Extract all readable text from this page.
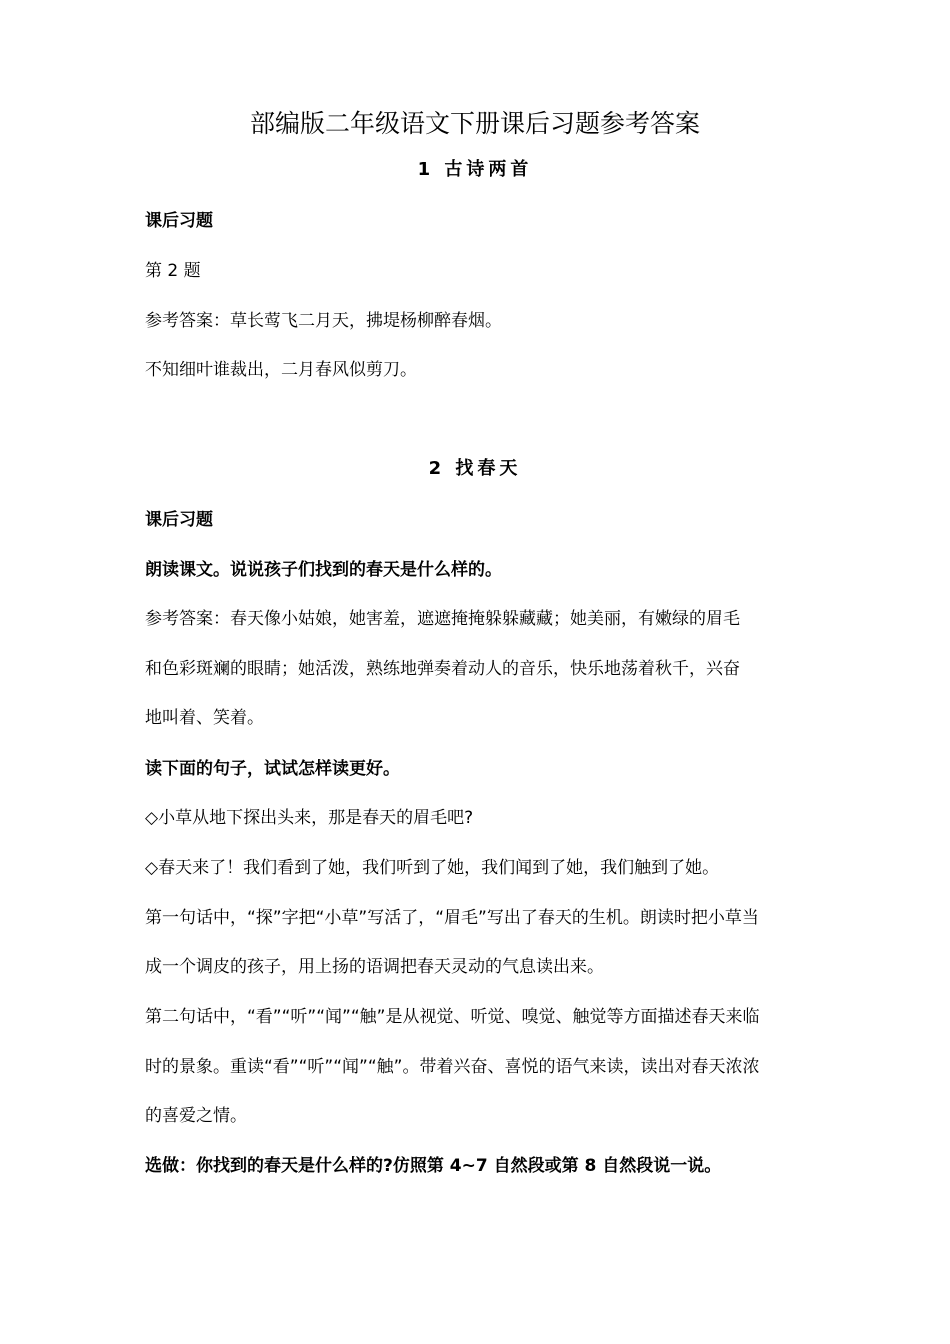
部编版二年级语文下册课后习题参考答案
1 古诗两首
课后习题
第 2 题
参考答案：草长莺飞二月天，拂堤杨柳醉春烟。
不知细叶谁裁出，二月春风似剪刀。
2 找春天
课后习题
朗读课文。说说孩子们找到的春天是什么样的。
参考答案：春天像小姑娘，她害羞，遮遮掩掩躲躲藏藏；她美丽，有嫩绿的眉毛
和色彩斑斓的眼睛；她活泼，熟练地弹奏着动人的音乐，快乐地荡着秋千，兴奋
地叫着、笑着。
读下面的句子，试试怎样读更好。
◇小草从地下探出头来，那是春天的眉毛吧?
◇春天来了！我们看到了她，我们听到了她，我们闻到了她，我们触到了她。
第一句话中，“探”字把“小草”写活了，“眉毛”写出了春天的生机。朗读时把小草当
成一个调皮的孩子，用上扬的语调把春天灵动的气息读出来。
第二句话中，“看”“听”“闻”“触”是从视觉、听觉、嗅觉、触觉等方面描述春天来临
时的景象。重读“看”“听”“闻”“触”。带着兴奋、喜悦的语气来读，读出对春天浓浓
的喜爱之情。
选做：你找到的春天是什么样的?仿照第 4~7 自然段或第 8 自然段说一说。
